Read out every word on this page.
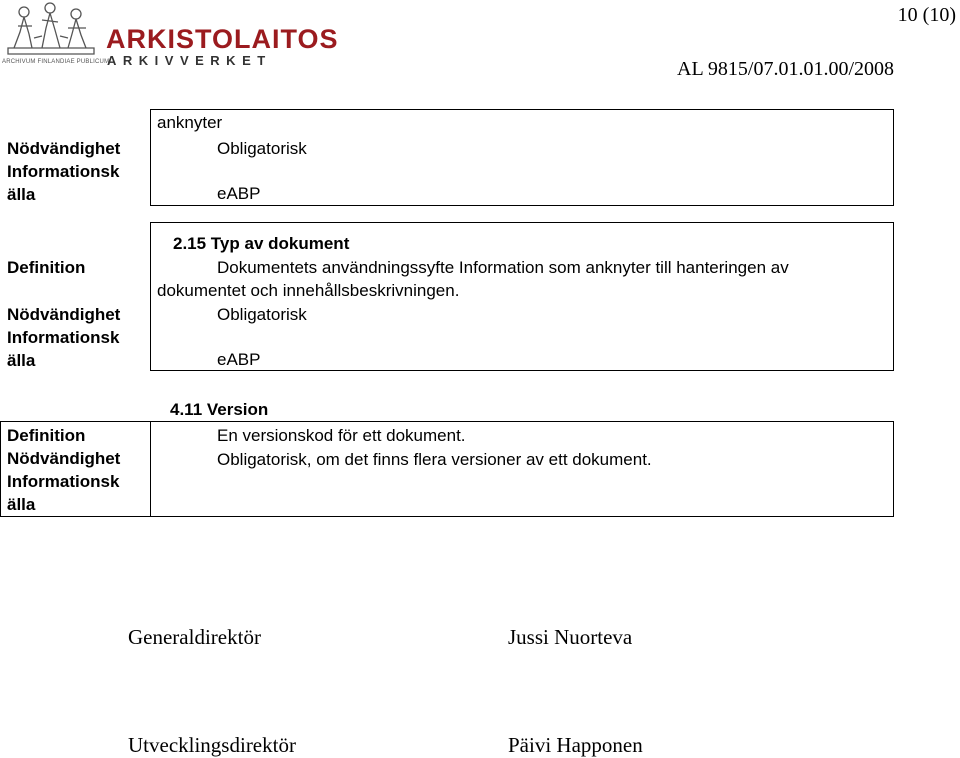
ARCHIVUM FINLANDIAE PUBLICUM
ARKISTOLAITOS
ARKIVVERKET
10 (10)
AL 9815/07.01.01.00/2008
anknyter
Nödvändighet
Informationsk
älla
Obligatorisk
eABP
2.15 Typ av dokument
Definition
Nödvändighet
Informationsk
älla
Dokumentets användningssyfte Information som anknyter till hanteringen av
dokumentet och innehållsbeskrivningen.
Obligatorisk
eABP
4.11 Version
Definition
Nödvändighet
Informationsk
älla
En versionskod för ett dokument.
Obligatorisk, om det finns flera versioner av ett dokument.
Generaldirektör	Jussi Nuorteva
Utvecklingsdirektör	Päivi Happonen
